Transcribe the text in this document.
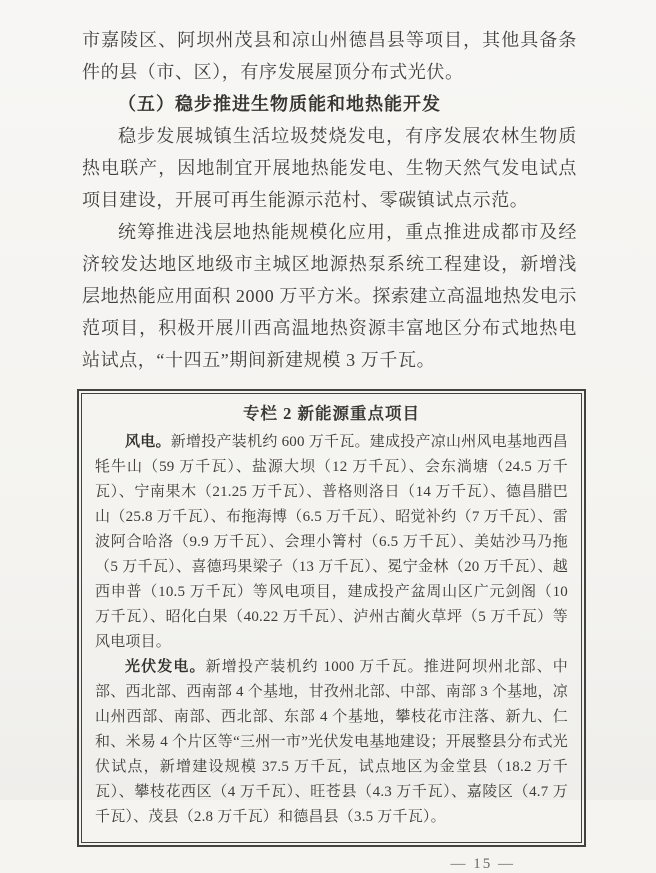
市嘉陵区、阿坝州茂县和凉山州德昌县等项目，其他具备条件的县（市、区），有序发展屋顶分布式光伏。

（五）稳步推进生物质能和地热能开发

稳步发展城镇生活垃圾焚烧发电，有序发展农林生物质热电联产，因地制宜开展地热能发电、生物天然气发电试点项目建设，开展可再生能源示范村、零碳镇试点示范。

统筹推进浅层地热能规模化应用，重点推进成都市及经济较发达地区地级市主城区地源热泵系统工程建设，新增浅层地热能应用面积 2000 万平方米。探索建立高温地热发电示范项目，积极开展川西高温地热资源丰富地区分布式地热电站试点，“十四五”期间新建规模 3 万千瓦。

专栏 2 新能源重点项目

风电。新增投产装机约 600 万千瓦。建成投产凉山州风电基地西昌牦牛山（59 万千瓦）、盐源大坝（12 万千瓦）、会东淌塘（24.5 万千瓦）、宁南果木（21.25 万千瓦）、普格则洛日（14 万千瓦）、德昌腊巴山（25.8 万千瓦）、布拖海博（6.5 万千瓦）、昭觉补约（7 万千瓦）、雷波阿合哈洛（9.9 万千瓦）、会理小箐村（6.5 万千瓦）、美姑沙马乃拖（5 万千瓦）、喜德玛果梁子（13 万千瓦）、冕宁金林（20 万千瓦）、越西申普（10.5 万千瓦）等风电项目，建成投产盆周山区广元剑阁（10 万千瓦）、昭化白果（40.22 万千瓦）、泸州古蔺火草坪（5 万千瓦）等风电项目。

光伏发电。新增投产装机约 1000 万千瓦。推进阿坝州北部、中部、西北部、西南部 4 个基地，甘孜州北部、中部、南部 3 个基地，凉山州西部、南部、西北部、东部 4 个基地，攀枝花市注落、新九、仁和、米易 4 个片区等“三州一市”光伏发电基地建设；开展整县分布式光伏试点，新增建设规模 37.5 万千瓦，试点地区为金堂县（18.2 万千瓦）、攀枝花西区（4 万千瓦）、旺苍县（4.3 万千瓦）、嘉陵区（4.7 万千瓦）、茂县（2.8 万千瓦）和德昌县（3.5 万千瓦）。

— 15 —
